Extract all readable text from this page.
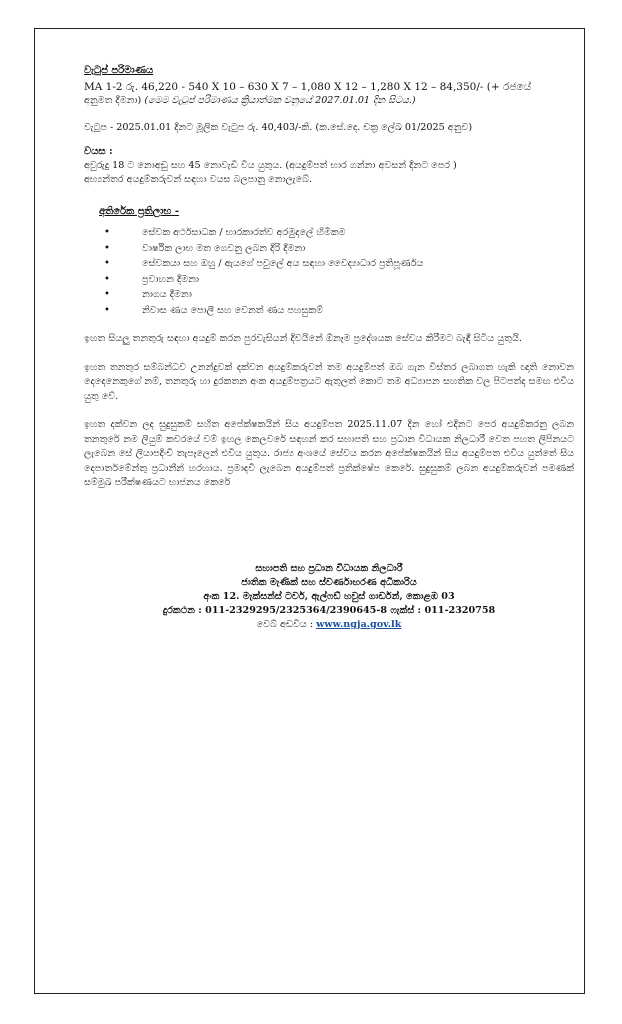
වැටුප් පරිමාණය

MA 1-2 රු. 46,220 - 540 X 10 – 630 X 7 – 1,080 X 12 – 1,280 X 12 – 84,350/- (+ රජයේ

අනුමත දීමනා) (මෙම වැටුප් පරිමාණය ක්‍රියාත්මක වනුයේ 2027.01.01 දින සිටය.)

වැටුප - 2025.01.01 දිනට මූලික වැටුප රු. 40,403/-කි. (ක.සේ.දෙ. චක්‍ර ලේඛ 01/2025 අනුව)

වයස :

අවුරුදු 18 ට නොඅඩු සහ 45 නොවැඩි විය යුතුය. (අයදුම්පත් භාර ගන්නා අවසන් දිනට පෙර )

අභ්‍යන්තර අයදුම්කරුවන් සඳහා වයස බලපානු නොලැබේ.

අතිරේක ප්‍රතිලාභ -

•	සේවක අර්ථසාධක / භාරකාරත්ව අරමුදලේ හිමිකම
•	වාර්ෂික ලාභ මත ගෙවනු ලබන දිරි දීමනා
•	සේවකයා සහ ඔහු / ඇයගේ පවුලේ අය සඳහා වෛද්‍යාධාර ප්‍රතිපූර්ණය
•	ප්‍රවාහන දීමනා
•	නාගය දීමනා
•	නිවාස ණය පොලී සහ වෙනත් ණය පහසුකම්

ඉහත සියලු තනතුරු සඳහා අයදුම් කරන පුරවැසියන් දිවයිනේ ඕනෑම ප්‍රදේශයක සේවය කිරීමට බැඳී සිටිය යුතුයි.

ඉහත තනතුර සම්බන්ධව උනන්දුවක් දක්වන අයදුම්කරුවන් තම අයදුම්පත් ඔබ ගැන විස්තර ලබාගත හැකි ඥාති නොවන දෙදෙනෙකුගේ නම්, තනතුරු හා දුරකතන අංක අයදුම්පත්‍රයට ඇතුලත් කොට තම අධ්‍යාපන සහතික වල පිටපත්ද සමඟ එවිය යුතු වේ.

ඉහත දක්වන ලද සුදුසුකම් සහිත අපේක්ෂකයින් සිය අයදුම්පත 2025.11.07 දින හෝ එදිනට පෙර අයදුම්කරනු ලබන තනතුරේ නම ලියුම් කවරයේ වම් ඉහල කෙලවරේ සඳහන් කර සභාපති සහ ප්‍රධාන විධායක නිලධාරී වෙත පහත ලිපිනයට ලැබෙන සේ ලියාපදිංචි තැපෑලෙන් එවිය යුතුය. රාජ්‍ය අංශයේ සේවය කරන අපේක්ෂකයින් සිය අයදුම්පත එවිය යුත්තේ සිය දෙපාර්තමේන්තු ප්‍රධානීන් හරහාය. ප්‍රමාදවී ලැබෙන අයදුම්පත් ප්‍රතික්ෂේප කෙරේ. සුදුසුකම් ලබන අයදුම්කරුවන් පමණක් සම්මුඛ පරීක්ෂණයට භාජනය කෙරේ

සභාපති සහ ප්‍රධාන විධායක නිලධාරී

ජාතික මැණික් සහ ස්වර්ණාභරණ අධිකාරිය

අංක 12. මැක්සන්ස් ටවර්, ඇල්ෆඩ් හවුස් ගාර්ඩන්, කොළඹ 03

දුරකථන : 011-2329295/2325364/2390645-8 ෆැක්ස් : 011-2320758

වෙබ් අඩවිය : www.ngja.gov.lk
